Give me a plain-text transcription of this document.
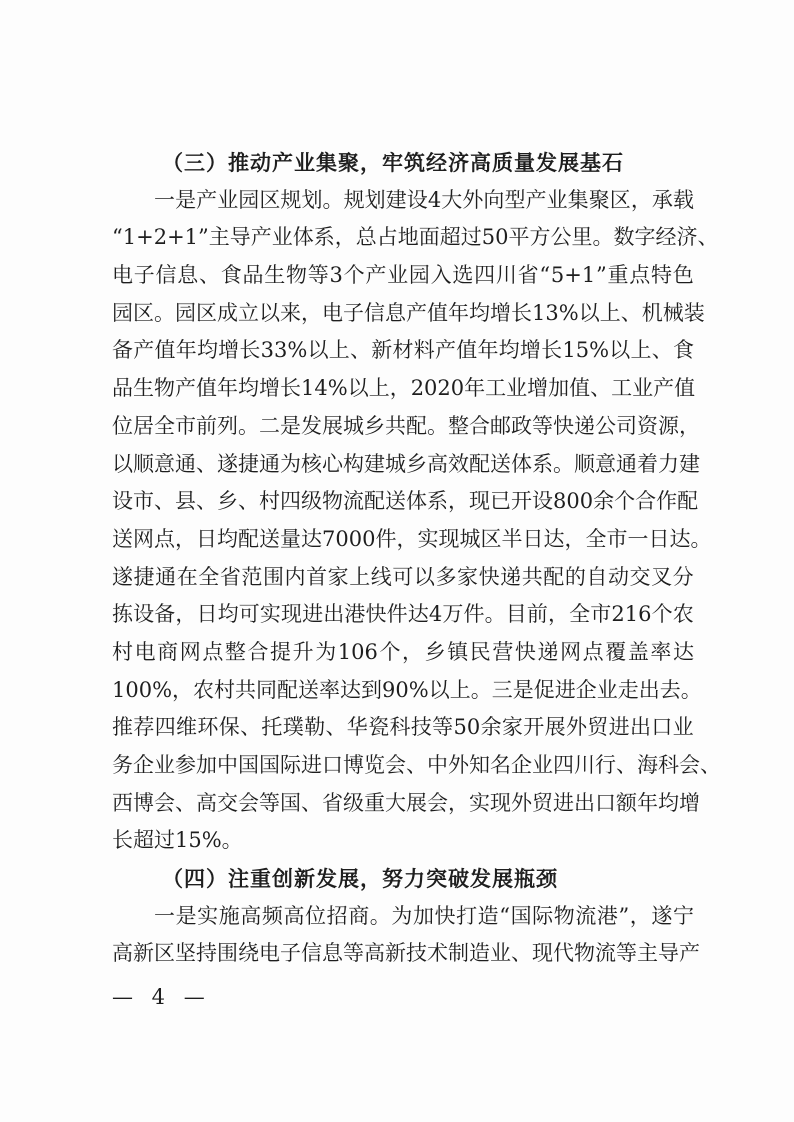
（三）推动产业集聚，牢筑经济高质量发展基石
一 是 产 业 园 区 规 划 。 规 划 建 设 4 大 外 向 型 产 业 集 聚 区 ， 承 载
“ 1+2+1 ” 主 导 产 业 体 系 ， 总 占 地 面 超 过 50 平 方 公 里 。 数 字 经 济 、
电 子 信 息 、 食 品 生 物 等 3 个 产 业 园 入 选 四 川 省 “ 5+1 ” 重 点 特 色
园 区 。 园 区 成 立 以 来 ， 电 子 信 息 产 值 年 均 增 长 13% 以 上 、 机 械 装
备 产 值 年 均 增 长 33% 以 上 、 新 材 料 产 值 年 均 增 长 15% 以 上 、 食
品 生 物 产 值 年 均 增 长 14% 以 上 ， 2020 年 工 业 增 加 值 、 工 业 产 值
位 居 全 市 前 列 。 二 是 发 展 城 乡 共 配 。 整 合 邮 政 等 快 递 公 司 资 源 ，
以 顺 意 通 、 遂 捷 通 为 核 心 构 建 城 乡 高 效 配 送 体 系 。 顺 意 通 着 力 建
设 市 、 县 、 乡 、 村 四 级 物 流 配 送 体 系 ， 现 已 开 设 800 余 个 合 作 配
送 网 点 ， 日 均 配 送 量 达 7000 件 ， 实 现 城 区 半 日 达 ， 全 市 一 日 达 。
遂 捷 通 在 全 省 范 围 内 首 家 上 线 可 以 多 家 快 递 共 配 的 自 动 交 叉 分
拣 设 备 ， 日 均 可 实 现 进 出 港 快 件 达 4 万 件 。 目 前 ， 全 市 216 个 农
村 电 商 网 点 整 合 提 升 为 106 个 ， 乡 镇 民 营 快 递 网 点 覆 盖 率 达
100% ， 农 村 共 同 配 送 率 达 到 90% 以 上 。 三 是 促 进 企 业 走 出 去 。
推 荐 四 维 环 保 、 托 璞 勒 、 华 瓷 科 技 等 50 余 家 开 展 外 贸 进 出 口 业
务 企 业 参 加 中 国 国 际 进 口 博 览 会 、 中 外 知 名 企 业 四 川 行 、 海 科 会 、
西 博 会 、 高 交 会 等 国 、 省 级 重 大 展 会 ， 实 现 外 贸 进 出 口 额 年 均 增
长超过15%。
（四）注重创新发展，努力突破发展瓶颈
一 是 实 施 高 频 高 位 招 商 。 为 加 快 打 造 “ 国 际 物 流 港 ” ， 遂 宁
高 新 区 坚 持 围 绕 电 子 信 息 等 高 新 技 术 制 造 业 、 现 代 物 流 等 主 导 产
— 4 —
